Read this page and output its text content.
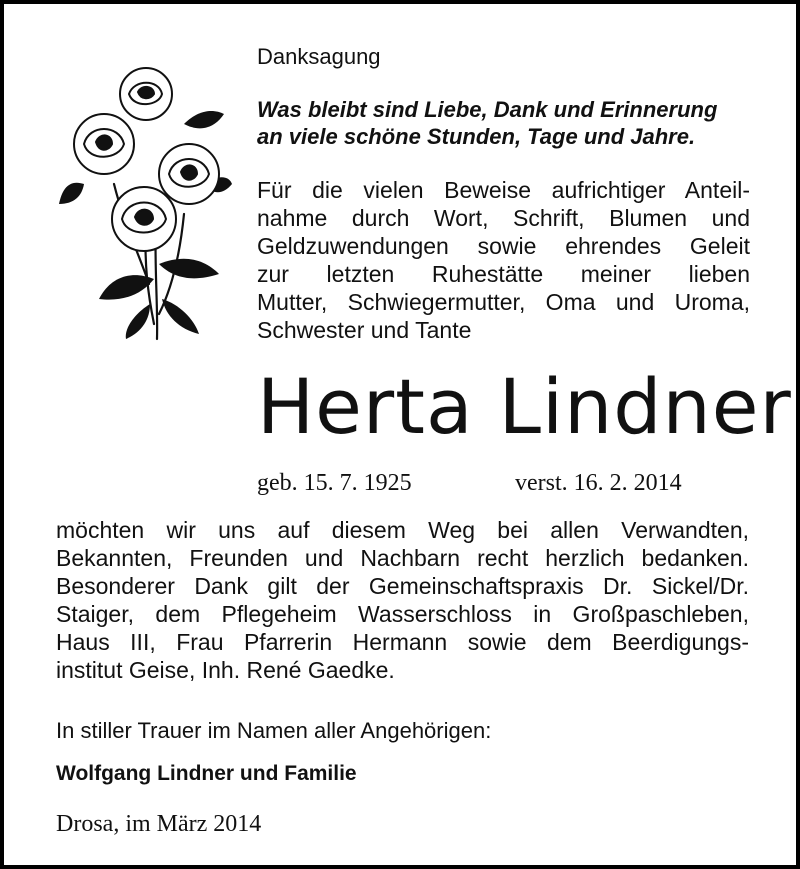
Danksagung
Was bleibt sind Liebe, Dank und Erinnerung
an viele schöne Stunden, Tage und Jahre.
Für die vielen Beweise aufrichtiger Anteil-
nahme durch Wort, Schrift, Blumen und
Geldzuwendungen sowie ehrendes Geleit
zur letzten Ruhestätte meiner lieben
Mutter, Schwiegermutter, Oma und Uroma,
Schwester und Tante
Herta Lindner
geb. 15. 7. 1925	verst. 16. 2. 2014
möchten wir uns auf diesem Weg bei allen Verwandten,
Bekannten, Freunden und Nachbarn recht herzlich bedanken.
Besonderer Dank gilt der Gemeinschaftspraxis Dr. Sickel/Dr.
Staiger, dem Pflegeheim Wasserschloss in Großpaschleben,
Haus III, Frau Pfarrerin Hermann sowie dem Beerdigungs-
institut Geise, Inh. René Gaedke.
In stiller Trauer im Namen aller Angehörigen:
Wolfgang Lindner und Familie
Drosa, im März 2014
